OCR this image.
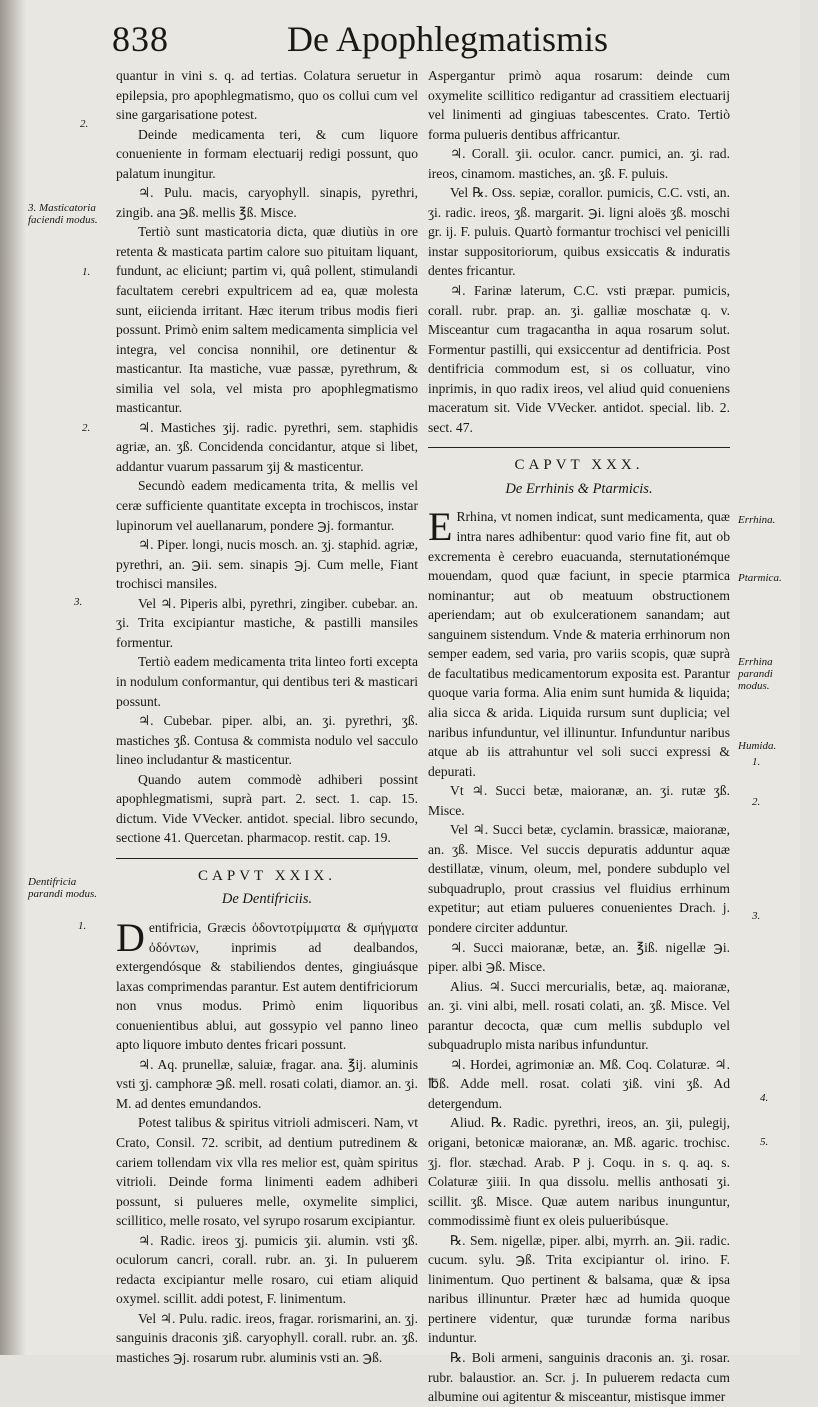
838	De Apophlegmatismis

quantur in vini s. q. ad tertias. Colatura seruetur in epilepsia, pro apophlegmatismo, quo os collui cum vel sine gargarisatione potest.

Deinde medicamenta teri, & cum liquore conueniente in formam electuarij redigi possunt, quo palatum inungitur.

♃. Pulu. macis, caryophyll. sinapis, pyrethri, zingib. ana ℈ß. mellis ℥ß. Misce.

Tertiò sunt masticatoria dicta, quæ diutiùs in ore retenta & masticata partim calore suo pituitam liquant, fundunt, ac eliciunt; partim vi, quâ pollent, stimulandi facultatem cerebri expultricem ad ea, quæ molesta sunt, eiiciendа irritant. Hæc iterum tribus modis fieri possunt. Primò enim saltem medicamenta simplicia vel integra, vel concisa nonnihil, ore detinentur & masticantur. Ita mastiche, vuæ passæ, pyrethrum, & similia vel sola, vel mista pro apophlegmatismo masticantur.

♃. Mastiches ʒij. radic. pyrethri, sem. staphidis agriæ, an. ʒß. Concidenda concidantur, atque si libet, addantur vuarum passarum ʒij & masticentur.

Secundò eadem medicamenta trita, & mellis vel ceræ sufficiente quantitate excepta in trochiscos, instar lupinorum vel auellanarum, pondere ℈j. formantur.

♃. Piper. longi, nucis mosch. an. ʒj. staphid. agriæ, pyrethri, an. ℈ii. sem. sinapis ℈j. Cum melle, Fiant trochisci mansiles.

Vel ♃. Piperis albi, pyrethri, zingiber. cubebar. an. ʒi. Trita excipiantur mastiche, & pastilli mansiles formentur.

Tertiò eadem medicamenta trita linteo forti excepta in nodulum conformantur, qui dentibus teri & masticari possunt.

♃. Cubebar. piper. albi, an. ʒi. pyrethri, ʒß. mastiches ʒß. Contusa & commista nodulo vel sacculo lineo includantur & masticentur.

Quando autem commodè adhiberi possint apophlegmatismi, suprà part. 2. sect. 1. cap. 15. dictum. Vide VVecker. antidot. special. libro secundo, sectione 41. Quercetan. pharmacop. restit. cap. 19.

CAPVT XXIX.
De Dentifriciis.

Dentifricia, Græcis ὀδοντοτρίμματα & σμήγματα ὀδόντων, inprimis ad dealbandos, extergendósque & stabiliendos dentes, gingiuásque laxas comprimendas parantur. Est autem dentifriciorum non vnus modus. Primò enim liquoribus conuenientibus ablui, aut gossypio vel panno lineo apto liquore imbuto dentes fricari possunt.

♃. Aq. prunellæ, saluiæ, fragar. ana. ℥ij. aluminis vsti ʒj. camphoræ ℈ß. mell. rosati colati, diamor. an. ʒi. M. ad dentes emundandos.

Potest talibus & spiritus vitrioli admisceri. Nam, vt Crato, Consil. 72. scribit, ad dentium putredinem & cariem tollendam vix vlla res melior est, quàm spiritus vitrioli. Deinde forma linimenti eadem adhiberi possunt, si pulueres melle, oxymelite simplici, scillitico, melle rosato, vel syrupo rosarum excipiantur.

♃. Radic. ireos ʒj. pumicis ʒii. alumin. vsti ʒß. oculorum cancri, corall. rubr. an. ʒi. In puluerem redacta excipiantur melle rosaro, cui etiam aliquid oxymel. scillit. addi potest, F. linimentum.

Vel ♃. Pulu. radic. ireos, fragar. rorismarini, an. ʒj. sanguinis draconis ʒiß. caryophyll. corall. rubr. an. ʒß. mastiches ℈j. rosarum rubr. aluminis vsti an. ℈ß.

Aspergantur primò aqua rosarum: deinde cum oxymelite scillitico redigantur ad crassitiem electuarij vel linimenti ad gingiuas tabescentes. Crato. Tertiò forma pulueris dentibus affricantur.

♃. Corall. ʒii. oculor. cancr. pumici, an. ʒi. rad. ireos, cinamom. mastiches, an. ʒß. F. puluis.

Vel ℞. Oss. sepiæ, corallor. pumicis, C.C. vsti, an. ʒi. radic. ireos, ʒß. margarit. ℈i. ligni aloës ʒß. moschi gr. ij. F. puluis. Quartò formantur trochisci vel penicilli instar suppositoriorum, quibus exsiccatis & induratis dentes fricantur.

♃. Farinæ laterum, C.C. vsti præpar. pumicis, corall. rubr. prap. an. ʒi. galliæ moschatæ q. v. Misceantur cum tragacantha in aqua rosarum solut. Formentur pastilli, qui exsiccentur ad dentifricia. Post dentifricia commodum est, si os colluatur, vino inprimis, in quo radix ireos, vel aliud quid conueniens maceratum sit. Vide VVecker. antidot. special. lib. 2. sect. 47.

CAPVT XXX.
De Errhinis & Ptarmicis.

E Rrhina, vt nomen indicat, sunt medicamenta, quæ intra nares adhibentur: quod vario fine fit, aut ob excrementa è cerebro euacuanda, sternutationémque mouendam, quod quæ faciunt, in specie ptarmica nominantur; aut ob meatuum obstructionem aperiendam; aut ob exulcerationem sanandam; aut sanguinem sistendum. Vnde & materia errhinorum non semper eadem, sed varia, pro variis scopis, quæ suprà de facultatibus medicamentorum exposita est. Parantur quoque varia forma. Alia enim sunt humida & liquida; alia sicca & arida. Liquida rursum sunt duplicia; vel naribus infunduntur, vel illinuntur. Infunduntur naribus atque ab iis attrahuntur vel soli succi expressi & depurati.

Vt ♃. Succi betæ, maioranæ, an. ʒi. rutæ ʒß. Misce.

Vel ♃. Succi betæ, cyclamin. brassicæ, maioranæ, an. ʒß. Misce. Vel succis depuratis adduntur aquæ destillatæ, vinum, oleum, mel, pondere subduplo vel subquadruplo, prout crassius vel fluidius errhinum expetitur; aut etiam pulueres conuenientes Drach. j. pondere circiter adduntur.

♃. Succi maioranæ, betæ, an. ℥iß. nigellæ ℈i. piper. albi ℈ß. Misce.

Alius. ♃. Succi mercurialis, betæ, aq. maioranæ, an. ʒi. vini albi, mell. rosati colati, an. ʒß. Misce. Vel parantur decocta, quæ cum mellis subduplo vel subquadruplo mista naribus infunduntur.

♃. Hordei, agrimoniæ an. Mß. Coq. Colaturæ. ♃. ℔ß. Adde mell. rosat. colati ʒiß. vini ʒß. Ad detergendum.

Aliud. ℞. Radic. pyrethri, ireos, an. ʒii, pulegij, origani, betonicæ maioranæ, an. Mß. agaric. trochisc. ʒj. flor. stæchad. Arab. P j. Coqu. in s. q. aq. s. Colaturæ ʒiiii. In qua dissolu. mellis anthosati ʒi. scillit. ʒß. Misce. Quæ autem naribus inunguntur, commodissimè fiunt ex oleis pulueribúsque.

℞. Sem. nigellæ, piper. albi, myrrh. an. ℈ii. radic. cucum. sylu. ℈ß. Trita excipiantur ol. irino. F. linimentum. Quo pertinent & balsama, quæ & ipsa naribus illinuntur. Præter hæc ad humida quoque pertinere videntur, quæ turundæ forma naribus induntur.

℞. Boli armeni, sanguinis draconis an. ʒi. rosar. rubr. balaustior. an. Scr. j. In puluerem redacta cum albumine oui agitentur & misceantur, mistisque immer

2.
3. Masticatoria faciendi modus.
1.
2.
3.
Dentifricia parandi modus.
1.
Errhina.
Ptarmica.
Errhina parandi modus.
Humida.
1.
2.
3.
4.
5.
